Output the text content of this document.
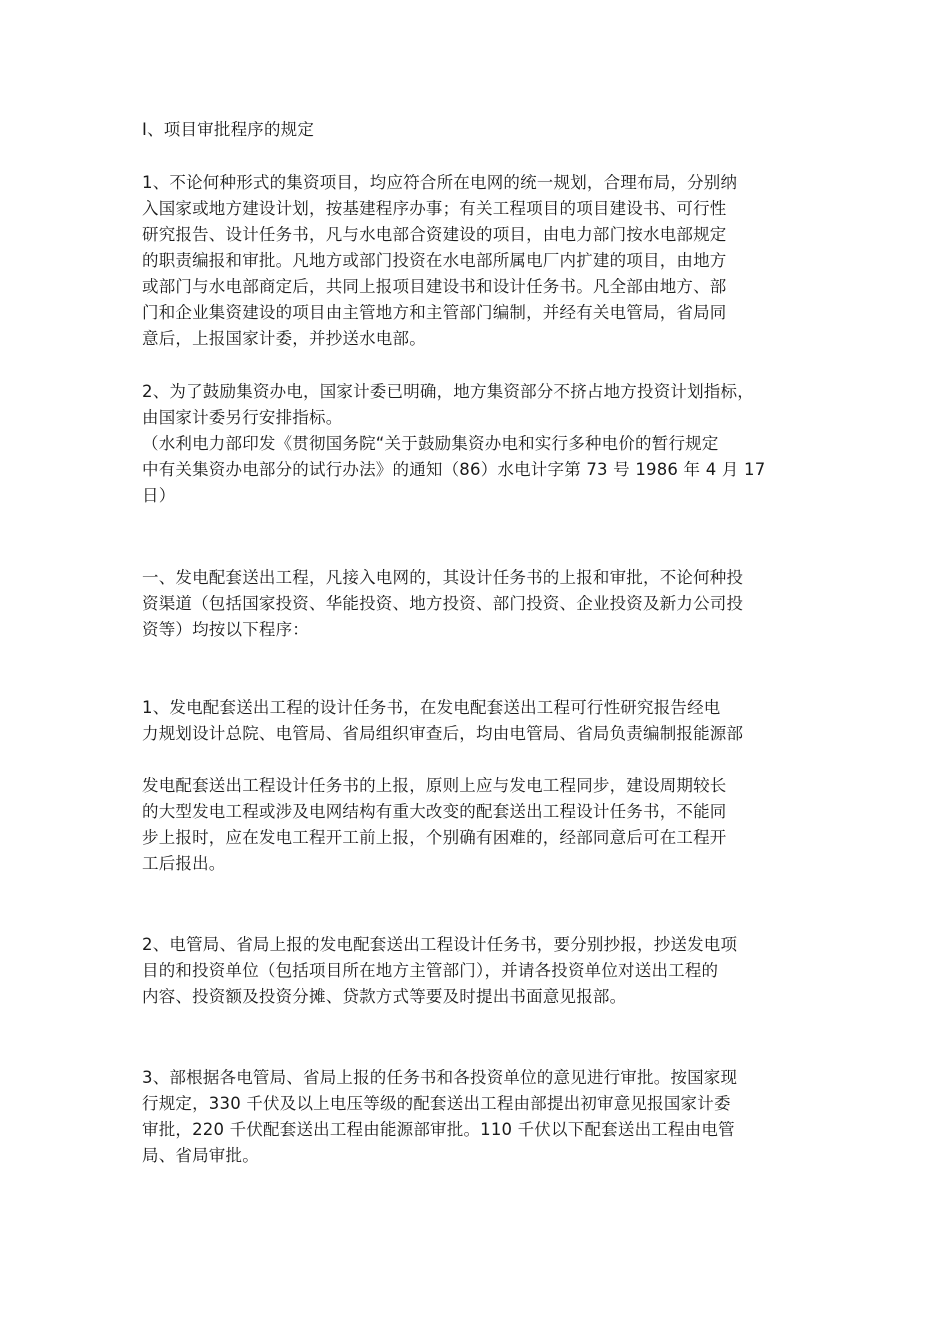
I、项目审批程序的规定

1、不论何种形式的集资项目，均应符合所在电网的统一规划，合理布局，分别纳
入国家或地方建设计划，按基建程序办事；有关工程项目的项目建设书、可行性
研究报告、设计任务书，凡与水电部合资建设的项目，由电力部门按水电部规定
的职责编报和审批。凡地方或部门投资在水电部所属电厂内扩建的项目，由地方
或部门与水电部商定后，共同上报项目建设书和设计任务书。凡全部由地方、部
门和企业集资建设的项目由主管地方和主管部门编制，并经有关电管局，省局同
意后，上报国家计委，并抄送水电部。

2、为了鼓励集资办电，国家计委已明确，地方集资部分不挤占地方投资计划指标，
由国家计委另行安排指标。

（水利电力部印发《贯彻国务院“关于鼓励集资办电和实行多种电价的暂行规定
中有关集资办电部分的试行办法》的通知（86）水电计字第 73 号 1986 年 4 月 17
日）

一、发电配套送出工程，凡接入电网的，其设计任务书的上报和审批，不论何种投
资渠道（包括国家投资、华能投资、地方投资、部门投资、企业投资及新力公司投
资等）均按以下程序：

1、发电配套送出工程的设计任务书，在发电配套送出工程可行性研究报告经电
力规划设计总院、电管局、省局组织审查后，均由电管局、省局负责编制报能源部

发电配套送出工程设计任务书的上报，原则上应与发电工程同步，建设周期较长
的大型发电工程或涉及电网结构有重大改变的配套送出工程设计任务书，不能同
步上报时，应在发电工程开工前上报，个别确有困难的，经部同意后可在工程开
工后报出。

2、电管局、省局上报的发电配套送出工程设计任务书，要分别抄报，抄送发电项
目的和投资单位（包括项目所在地方主管部门），并请各投资单位对送出工程的
内容、投资额及投资分摊、贷款方式等要及时提出书面意见报部。

3、部根据各电管局、省局上报的任务书和各投资单位的意见进行审批。按国家现
行规定，330 千伏及以上电压等级的配套送出工程由部提出初审意见报国家计委
审批，220 千伏配套送出工程由能源部审批。110 千伏以下配套送出工程由电管
局、省局审批。
